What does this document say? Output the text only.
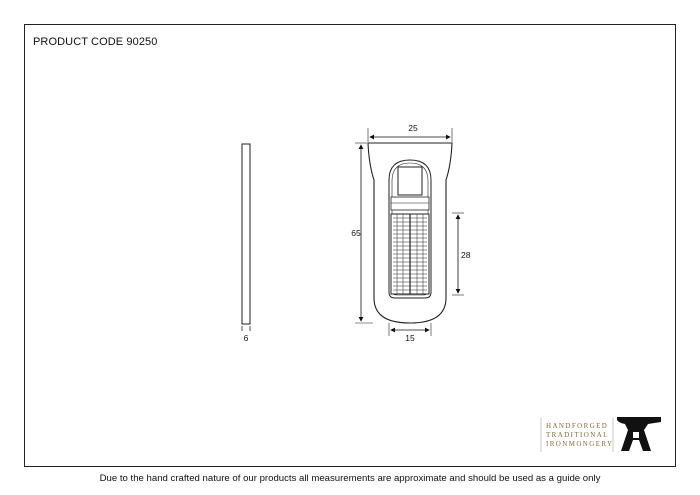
PRODUCT CODE 90250
6
25
65
28
15
HANDFORGED
TRADITIONAL
IRONMONGERY
Due to the hand crafted nature of our products all measurements are approximate and should be used as a guide only
